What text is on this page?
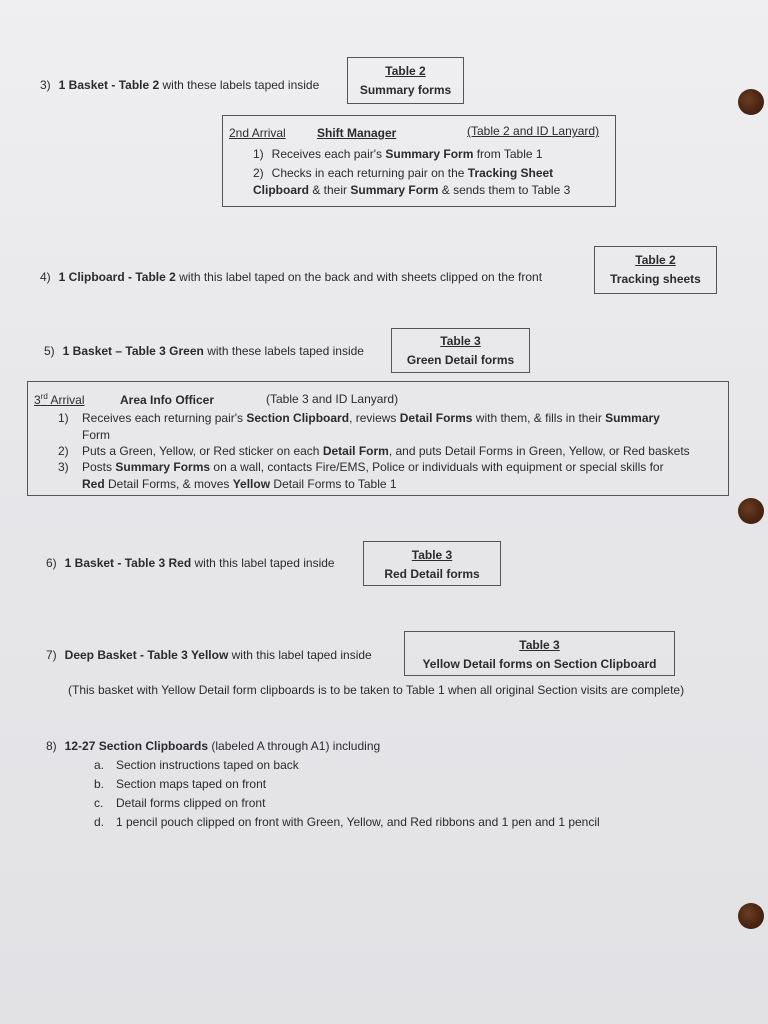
3) 1 Basket - Table 2 with these labels taped inside
Table 2
Summary forms
2nd Arrival	Shift Manager	(Table 2 and ID Lanyard)
1) Receives each pair's Summary Form from Table 1
2) Checks in each returning pair on the Tracking Sheet
Clipboard & their Summary Form & sends them to Table 3
4) 1 Clipboard - Table 2 with this label taped on the back and with sheets clipped on the front
Table 2
Tracking sheets
5) 1 Basket – Table 3 Green with these labels taped inside
Table 3
Green Detail forms
3rd Arrival	Area Info Officer	(Table 3 and ID Lanyard)
1) Receives each returning pair's Section Clipboard, reviews Detail Forms with them, & fills in their Summary
Form
2) Puts a Green, Yellow, or Red sticker on each Detail Form, and puts Detail Forms in Green, Yellow, or Red baskets
3) Posts Summary Forms on a wall, contacts Fire/EMS, Police or individuals with equipment or special skills for
Red Detail Forms, & moves Yellow Detail Forms to Table 1
6) 1 Basket - Table 3 Red with this label taped inside
Table 3
Red Detail forms
7) Deep Basket - Table 3 Yellow with this label taped inside
Table 3
Yellow Detail forms on Section Clipboard
(This basket with Yellow Detail form clipboards is to be taken to Table 1 when all original Section visits are complete)
8) 12-27 Section Clipboards (labeled A through A1) including
a. Section instructions taped on back
b. Section maps taped on front
c. Detail forms clipped on front
d. 1 pencil pouch clipped on front with Green, Yellow, and Red ribbons and 1 pen and 1 pencil
